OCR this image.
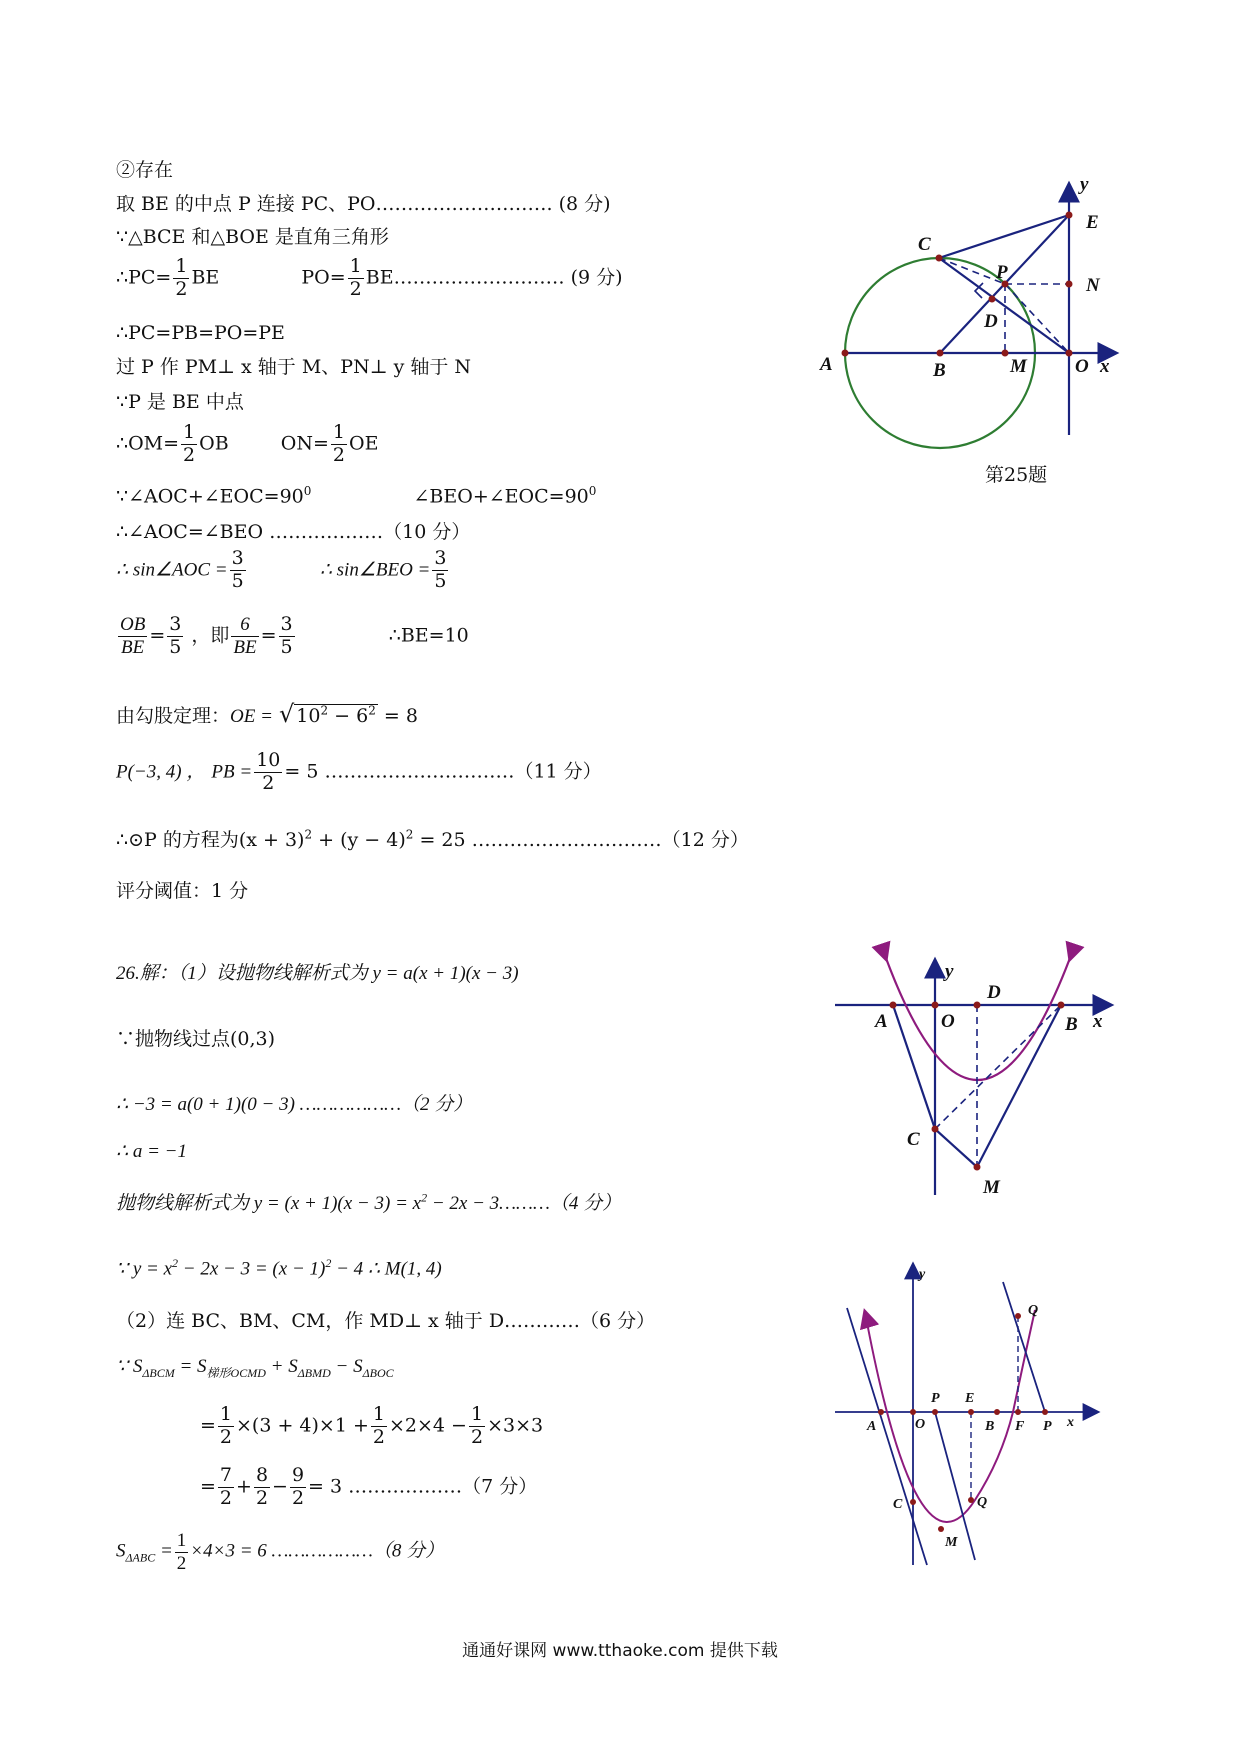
②存在
取 BE 的中点 P 连接 PC、PO………………………. (8 分)
∵△BCE 和△BOE 是直角三角形
∴PC= $\frac{1}{2}$ BE	$PO= \frac{1}{2}$ BE……………………… (9 分)
∴PC=PB=PO=PE
过 P 作 PM⊥ x 轴于 M、PN⊥ y 轴于 N
∵P 是 BE 中点
∴OM= $\frac{1}{2}$ OB	$ON= \frac{1}{2}$ OE
$\because\angle AOC+\angle EOC=90^0$	$\angle BEO+\angle EOC=90^0$
∴∠AOC=∠BEO ………………（10 分）
∴ sin∠AOC = $\frac{3}{5}$	∴ sin∠BEO = $\frac{3}{5}$
$\frac{OB}{BE} = \frac{3}{5}$ ，即 $\frac{6}{BE} = \frac{3}{5}$	∴BE=10
由勾股定理：OE = √ $10^2 - 6^2 = 8$
P(−3, 4) ， PB = $\frac{10}{2} = 5$ …………………………（11 分）
∴⊙P 的方程为$(x + 3)^2 + (y - 4)^2 = 25$ …………………………（12 分）
评分阈值：1 分
C
E
y
P
N
D
A	B	M	O x
第25题
26.解：（1）设抛物线解析式为 y = a(x + 1)(x − 3)
∵抛物线过点(0,3)
∴ −3 = a(0 + 1)(0 − 3) ………………（2 分）
∴ a = −1
抛物线解析式为 $y = (x + 1)(x - 3) = x^2 - 2x$ − 3………（4 分）
∵ $y = x^2 - 2x - 3 = (x - 1)^2 - 4$ ∴ M(1, 4)
（2）连 BC、BM、CM，作 MD⊥ x 轴于 D…………（6 分）
∵ $S_{\Delta BCM} = S_{梯形OCMD} + S_{\Delta BMD} - S_{\Delta BOC}$
= $\frac{1}{2} \times(3 + 4)\times 1 + \frac{1}{2} \times 2\times 4 - \frac{1}{2} \times 3\times 3$
= $\frac{7}{2} + \frac{8}{2} - \frac{9}{2} = 3$ ………………（7 分）
$S_{\Delta ABC} = \frac{1}{2} \times 4\times 3 = 6$ ………………（8 分）
y
D
A	O	B x
C
M
y
Q
P E
A	O	B F P x
C	Q
M
通通好课网 www.tthaoke.com 提供下载
